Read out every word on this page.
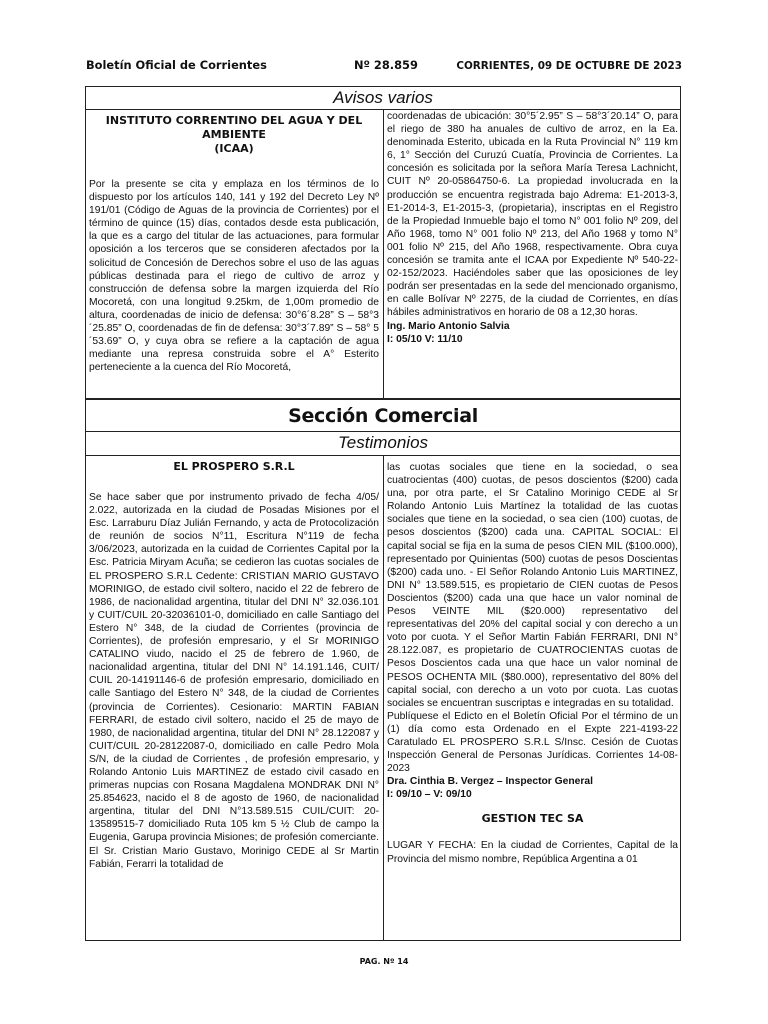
Boletín Oficial de Corrientes	Nº 28.859	CORRIENTES, 09 DE OCTUBRE DE 2023
Avisos varios

INSTITUTO CORRENTINO DEL AGUA Y DEL AMBIENTE

(ICAA)

Por la presente se cita y emplaza en los términos de lo dispuesto por los artículos 140, 141 y 192 del Decreto Ley Nº 191/01 (Código de Aguas de la provincia de Corrientes) por el término de quince (15) días, contados desde esta publicación, la que es a cargo del titular de las actuaciones, para formular oposición a los terceros que se consideren afectados por la solicitud de Concesión de Derechos sobre el uso de las aguas públicas destinada para el riego de cultivo de arroz y construcción de defensa sobre la margen izquierda del Río Mocoretá, con una longitud 9.25km, de 1,00m promedio de altura, coordenadas de inicio de defensa: 30°6´8.28” S – 58°3´25.85” O, coordenadas de fin de defensa: 30°3´7.89” S – 58° 5´53.69” O, y cuya obra se refiere a la captación de agua mediante una represa construida sobre el A° Esterito perteneciente a la cuenca del Río Mocoretá,

coordenadas de ubicación: 30°5´2.95” S – 58°3´20.14” O, para el riego de 380 ha anuales de cultivo de arroz, en la Ea. denominada Esterito, ubicada en la Ruta Provincial N° 119 km 6, 1° Sección del Curuzú Cuatía, Provincia de Corrientes. La concesión es solicitada por la señora María Teresa Lachnicht, CUIT Nº 20-05864750-6. La propiedad involucrada en la producción se encuentra registrada bajo Adrema: E1-2013-3, E1-2014-3, E1-2015-3, (propietaria), inscriptas en el Registro de la Propiedad Inmueble bajo el tomo N° 001 folio Nº 209, del Año 1968, tomo N° 001 folio Nº 213, del Año 1968 y tomo N° 001 folio Nº 215, del Año 1968, respectivamente. Obra cuya concesión se tramita ante el ICAA por Expediente Nº 540-22-02-152/2023. Haciéndoles saber que las oposiciones de ley podrán ser presentadas en la sede del mencionado organismo, en calle Bolívar Nº 2275, de la ciudad de Corrientes, en días hábiles administrativos en horario de 08 a 12,30 horas.

Ing. Mario Antonio Salvia

I: 05/10 V: 11/10

Sección Comercial
Testimonios

EL PROSPERO S.R.L

Se hace saber que por instrumento privado de fecha 4/05/ 2.022, autorizada en la ciudad de Posadas Misiones por el Esc. Larraburu Díaz Julián Fernando, y acta de Protocolización de reunión de socios N°11, Escritura N°119 de fecha 3/06/2023, autorizada en la cuidad de Corrientes Capital por la Esc. Patricia Miryam Acuña; se cedieron las cuotas sociales de EL PROSPERO S.R.L Cedente: CRISTIAN MARIO GUSTAVO MORINIGO, de estado civil soltero, nacido el 22 de febrero de 1986, de nacionalidad argentina, titular del DNI N° 32.036.101 y CUIT/CUIL 20-32036101-0, domiciliado en calle Santiago del Estero N° 348, de la ciudad de Corrientes (provincia de Corrientes), de profesión empresario, y el Sr MORINIGO CATALINO viudo, nacido el 25 de febrero de 1.960, de nacionalidad argentina, titular del DNI N° 14.191.146, CUIT/ CUIL 20-14191146-6 de profesión empresario, domiciliado en calle Santiago del Estero N° 348, de la ciudad de Corrientes (provincia de Corrientes). Cesionario: MARTIN FABIAN FERRARI, de estado civil soltero, nacido el 25 de mayo de 1980, de nacionalidad argentina, titular del DNI N° 28.122087 y CUIT/CUIL 20-28122087-0, domiciliado en calle Pedro Mola S/N, de la ciudad de Corrientes , de profesión empresario, y Rolando Antonio Luis MARTINEZ de estado civil casado en primeras nupcias con Rosana Magdalena MONDRAK DNI N° 25.854623, nacido el 8 de agosto de 1960, de nacionalidad argentina, titular del DNI N°13.589.515 CUIL/CUIT: 20-13589515-7 domiciliado Ruta 105 km 5 ½ Club de campo la Eugenia, Garupa provincia Misiones; de profesión comerciante. El Sr. Cristian Mario Gustavo, Morinigo CEDE al Sr Martin Fabián, Ferarri la totalidad de

las cuotas sociales que tiene en la sociedad, o sea cuatrocientas (400) cuotas, de pesos doscientos ($200) cada una, por otra parte, el Sr Catalino Morinigo CEDE al Sr Rolando Antonio Luis Martínez la totalidad de las cuotas sociales que tiene en la sociedad, o sea cien (100) cuotas, de pesos doscientos ($200) cada una. CAPITAL SOCIAL: El capital social se fija en la suma de pesos CIEN MIL ($100.000), representado por Quinientas (500) cuotas de pesos Doscientas ($200) cada uno. - El Señor Rolando Antonio Luis MARTINEZ, DNI N° 13.589.515, es propietario de CIEN cuotas de Pesos Doscientos ($200) cada una que hace un valor nominal de Pesos VEINTE MIL ($20.000) representativo del representativas del 20% del capital social y con derecho a un voto por cuota. Y el Señor Martin Fabián FERRARI, DNI N° 28.122.087, es propietario de CUATROCIENTAS cuotas de Pesos Doscientos cada una que hace un valor nominal de PESOS OCHENTA MIL ($80.000), representativo del 80% del capital social, con derecho a un voto por cuota. Las cuotas sociales se encuentran suscriptas e integradas en su totalidad.

Publíquese el Edicto en el Boletín Oficial Por el término de un (1) día como esta Ordenado en el Expte 221-4193-22 Caratulado EL PROSPERO S.R.L S/Insc. Cesión de Cuotas Inspección General de Personas Jurídicas. Corrientes 14-08-2023

Dra. Cinthia B. Vergez – Inspector General

I: 09/10 – V: 09/10

GESTION TEC SA

LUGAR Y FECHA: En la ciudad de Corrientes, Capital de la Provincia del mismo nombre, República Argentina a 01

PAG. Nº 14
